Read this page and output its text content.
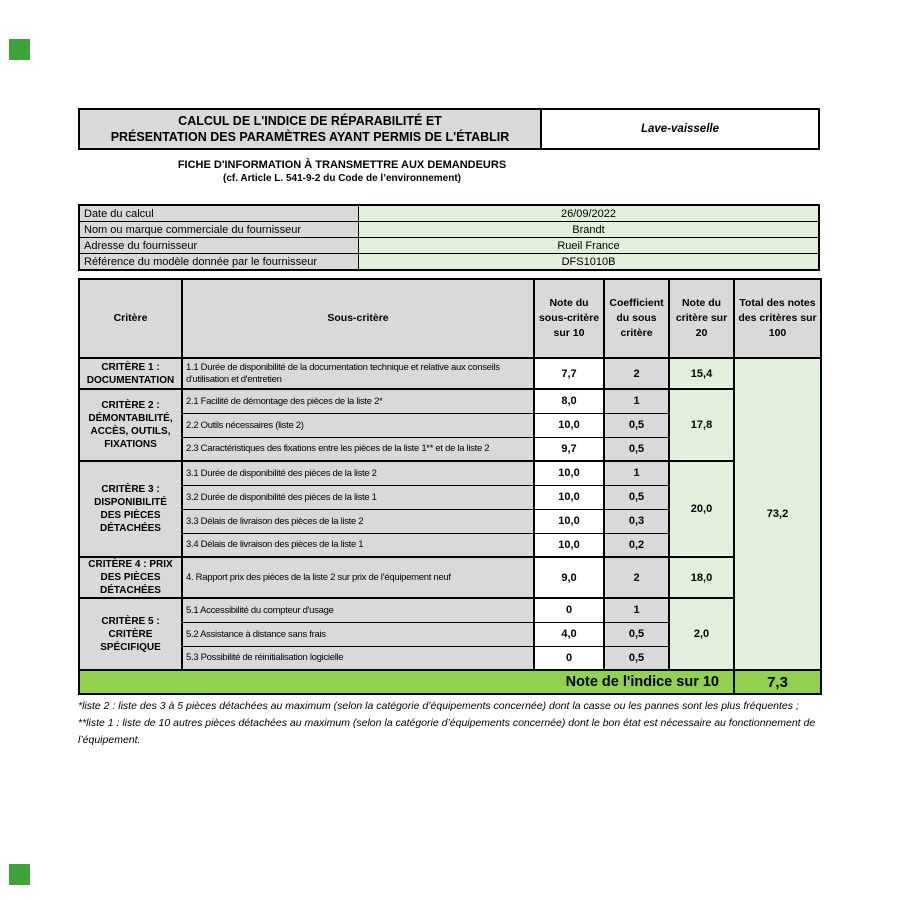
CALCUL DE L'INDICE DE RÉPARABILITÉ ET
PRÉSENTATION DES PARAMÈTRES AYANT PERMIS DE L'ÉTABLIR
Lave-vaisselle
FICHE D'INFORMATION À TRANSMETTRE AUX DEMANDEURS
(cf. Article L. 541-9-2 du Code de l’environnement)
Date du calcul	26/09/2022
Nom ou marque commerciale du fournisseur	Brandt
Adresse du fournisseur	Rueil France
Référence du modèle donnée par le fournisseur	DFS1010B
Critère	Sous-critère	Note du sous-critère sur 10	Coefficient du sous critère	Note du critère sur 20	Total des notes des critères sur 100
CRITÈRE 1 : DOCUMENTATION	1.1 Durée de disponibilité de la documentation technique et relative aux conseils d'utilisation et d'entretien	7,7	2	15,4	73,2
CRITÈRE 2 : DÉMONTABILITÉ, ACCÈS, OUTILS, FIXATIONS	2.1 Facilité de démontage des pièces de la liste 2*	8,0	1	17,8	
	2.2 Outils nécessaires (liste 2)	10,0	0,5		
	2.3 Caractéristiques des fixations entre les pièces de la liste 1** et de la liste 2	9,7	0,5		
CRITÈRE 3 : DISPONIBILITÉ DES PIÈCES DÉTACHÉES	3.1 Durée de disponibilité des pièces de la liste 2	10,0	1	20,0	
	3.2 Durée de disponibilité des pièces de la liste 1	10,0	0,5		
	3.3 Délais de livraison des pièces de la liste 2	10,0	0,3		
	3.4 Délais de livraison des pièces de la liste 1	10,0	0,2		
CRITÈRE 4 : PRIX DES PIÈCES DÉTACHÉES	4. Rapport prix des pièces de la liste 2 sur prix de l’équipement neuf	9,0	2	18,0	
CRITÈRE 5 : CRITÈRE SPÉCIFIQUE	5.1 Accessibilité du compteur d'usage	0	1	2,0	
	5.2 Assistance à distance sans frais	4,0	0,5		
	5.3 Possibilité de réinitialisation logicielle	0	0,5		
Note de l'indice sur 10					7,3
*liste 2 : liste des 3 à 5 pièces détachées au maximum (selon la catégorie d’équipements concernée) dont la casse ou les pannes sont les plus fréquentes ;
**liste 1 : liste de 10 autres pièces détachées au maximum (selon la catégorie d’équipements concernée) dont le bon état est nécessaire au fonctionnement de l’équipement.
